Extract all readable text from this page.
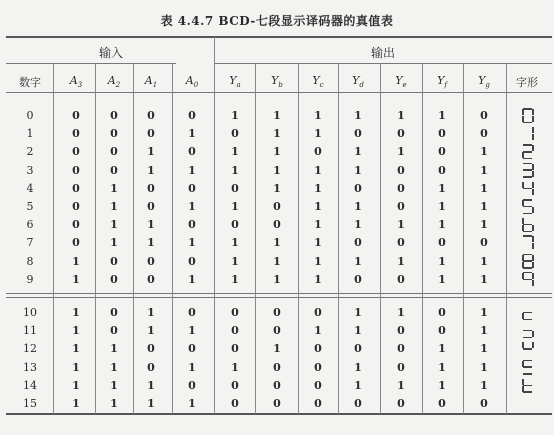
表 4.4.7 BCD-七段显示译码器的真值表
输入	输出
数字	$A_3$	$A_2$	$A_1$	$A_0$	$Y_a$	$Y_b$	$Y_c$	$Y_d$	$Y_e$	$Y_f$	$Y_g$	字形
0	0	0	0	0	1	1	1	1	1	1	0
1	0	0	0	1	0	1	1	0	0	0	0
2	0	0	1	0	1	1	0	1	1	0	1
3	0	0	1	1	1	1	1	1	0	0	1
4	0	1	0	0	0	1	1	0	0	1	1
5	0	1	0	1	1	0	1	1	0	1	1
6	0	1	1	0	0	0	1	1	1	1	1
7	0	1	1	1	1	1	1	0	0	0	0
8	1	0	0	0	1	1	1	1	1	1	1
9	1	0	0	1	1	1	1	0	0	1	1
10	1	0	1	0	0	0	0	1	1	0	1
11	1	0	1	1	0	0	1	1	0	0	1
12	1	1	0	0	0	1	0	0	0	1	1
13	1	1	0	1	1	0	0	1	0	1	1
14	1	1	1	0	0	0	0	1	1	1	1
15	1	1	1	1	0	0	0	0	0	0	0
